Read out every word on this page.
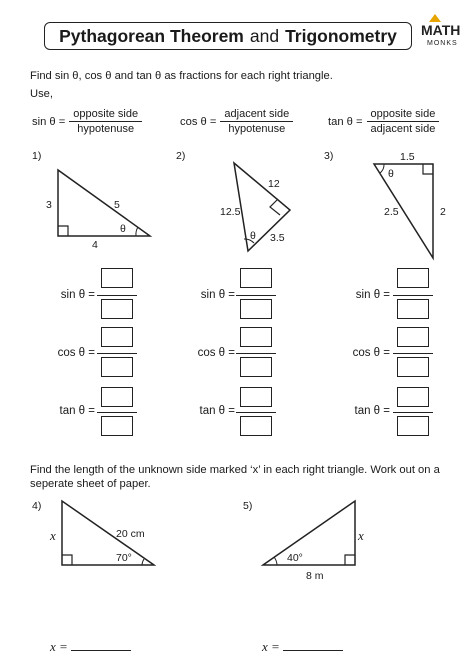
Pythagorean Theorem and Trigonometry MATH
MONKS
Find sin θ, cos θ and tan θ as fractions for each right triangle.
Use,
$\sin \theta = \frac{\text{opposite side}}{\text{hypotenuse}}$	$\cos \theta = \frac{\text{adjacent side}}{\text{hypotenuse}}$	$\tan \theta = \frac{\text{opposite side}}{\text{adjacent side}}$
1)
3	5
4
θ
2)
12
12.5
3.5
θ
3)	1.5
2.5	2
θ
sin θ =
cos θ =
tan θ =
sin θ =
cos θ =
tan θ =
sin θ =
cos θ =
tan θ =
Find the length of the unknown side marked ‘x’ in each right triangle. Work out on a
seperate sheet of paper.
4)
x	20 cm
70°
5)
40°
x
8 m
x =	x =
